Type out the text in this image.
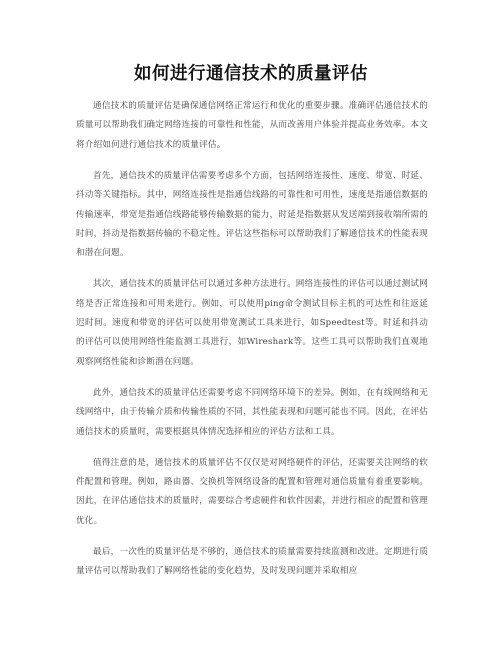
如何进行通信技术的质量评估

通信技术的质量评估是确保通信网络正常运行和优化的重要步骤。准确评估通信技术的质量可以帮助我们确定网络连接的可靠性和性能，从而改善用户体验并提高业务效率。本文将介绍如何进行通信技术的质量评估。

首先，通信技术的质量评估需要考虑多个方面，包括网络连接性、速度、带宽、时延、抖动等关键指标。其中，网络连接性是指通信线路的可靠性和可用性，速度是指通信数据的传输速率，带宽是指通信线路能够传输数据的能力，时延是指数据从发送端到接收端所需的时间，抖动是指数据传输的不稳定性。评估这些指标可以帮助我们了解通信技术的性能表现和潜在问题。

其次，通信技术的质量评估可以通过多种方法进行。网络连接性的评估可以通过测试网络是否正常连接和可用来进行。例如，可以使用ping命令测试目标主机的可达性和往返延迟时间。速度和带宽的评估可以使用带宽测试工具来进行，如Speedtest等。时延和抖动的评估可以使用网络性能监测工具进行，如Wireshark等。这些工具可以帮助我们直观地观察网络性能和诊断潜在问题。

此外，通信技术的质量评估还需要考虑不同网络环境下的差异。例如，在有线网络和无线网络中，由于传输介质和传输性质的不同，其性能表现和问题可能也不同。因此，在评估通信技术的质量时，需要根据具体情况选择相应的评估方法和工具。

值得注意的是，通信技术的质量评估不仅仅是对网络硬件的评估，还需要关注网络的软件配置和管理。例如，路由器、交换机等网络设备的配置和管理对通信质量有着重要影响。因此，在评估通信技术的质量时，需要综合考虑硬件和软件因素，并进行相应的配置和管理优化。

最后，一次性的质量评估是不够的，通信技术的质量需要持续监测和改进。定期进行质量评估可以帮助我们了解网络性能的变化趋势，及时发现问题并采取相应
